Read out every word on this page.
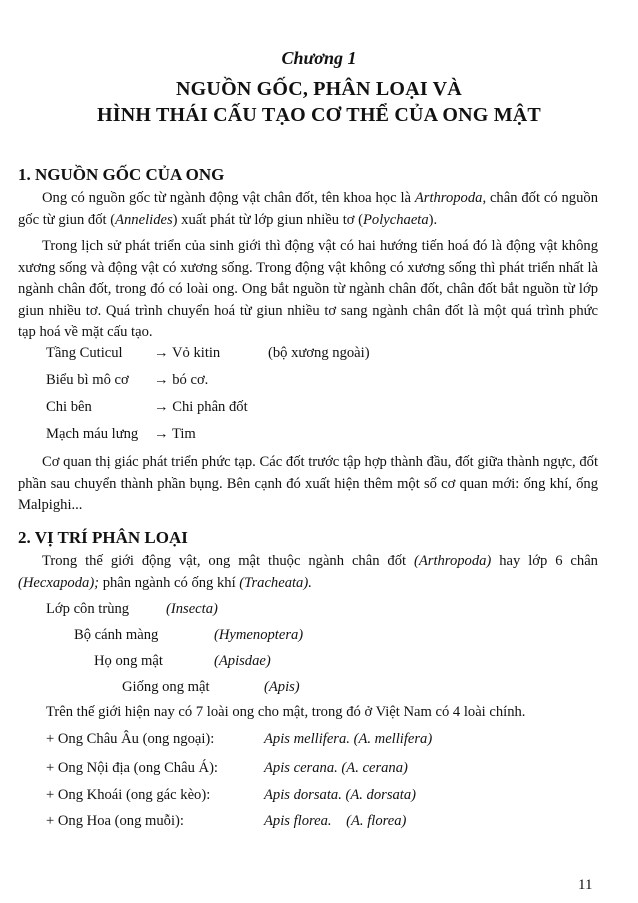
Chương 1
NGUỒN GỐC, PHÂN LOẠI VÀ
HÌNH THÁI CẤU TẠO CƠ THỂ CỦA ONG MẬT
1. NGUỒN GỐC CỦA ONG
Ong có nguồn gốc từ ngành động vật chân đốt, tên khoa học là Arthropoda, chân đốt có nguồn gốc từ giun đốt (Annelides) xuất phát từ lớp giun nhiều tơ (Polychaeta).
Trong lịch sử phát triển của sinh giới thì động vật có hai hướng tiến hoá đó là động vật không xương sống và động vật có xương sống. Trong động vật không có xương sống thì phát triển nhất là ngành chân đốt, trong đó có loài ong. Ong bắt nguồn từ ngành chân đốt, chân đốt bắt nguồn từ lớp giun nhiều tơ. Quá trình chuyển hoá từ giun nhiều tơ sang ngành chân đốt là một quá trình phức tạp hoá về mặt cấu tạo.
Tầng Cuticul → Vỏ kitin	(bộ xương ngoài)
Biểu bì mô cơ → bó cơ.
Chi bên	→ Chi phân đốt
Mạch máu lưng → Tim
Cơ quan thị giác phát triển phức tạp. Các đốt trước tập hợp thành đầu, đốt giữa thành ngực, đốt phần sau chuyển thành phần bụng. Bên cạnh đó xuất hiện thêm một số cơ quan mới: ống khí, ống Malpighi...
2. VỊ TRÍ PHÂN LOẠI
Trong thế giới động vật, ong mật thuộc ngành chân đốt (Arthropoda) hay lớp 6 chân (Hecxapoda); phân ngành có ống khí (Tracheata).
Lớp côn trùng	(Insecta)
Bộ cánh màng	(Hymenoptera)
Họ ong mật	(Apisdae)
Giống ong mật	(Apis)
Trên thế giới hiện nay có 7 loài ong cho mật, trong đó ở Việt Nam có 4 loài chính.
+ Ong Châu Âu (ong ngoại):	Apis mellifera. (A. mellifera)
+ Ong Nội địa (ong Châu Á):	Apis cerana. (A. cerana)
+ Ong Khoái (ong gác kèo):	Apis dorsata. (A. dorsata)
+ Ong Hoa (ong muỗi):	Apis florea.    (A. florea)
11
